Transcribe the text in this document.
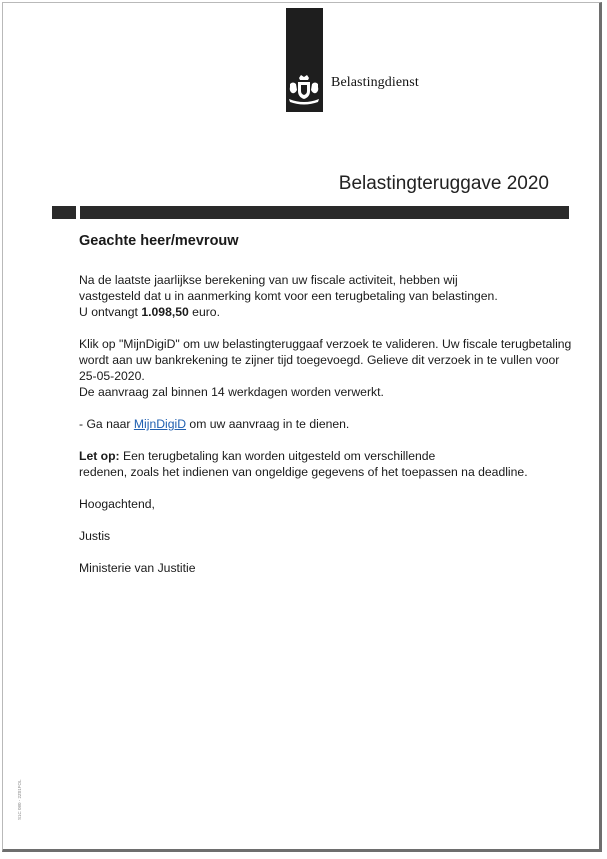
Belastingdienst
Belastingteruggave 2020
Geachte heer/mevrouw
Na de laatste jaarlijkse berekening van uw fiscale activiteit, hebben wij
vastgesteld dat u in aanmerking komt voor een terugbetaling van belastingen.
U ontvangt 1.098,50 euro.
Klik op "MijnDigiD" om uw belastingteruggaaf verzoek te valideren. Uw fiscale terugbetaling
wordt aan uw bankrekening te zijner tijd toegevoegd. Gelieve dit verzoek in te vullen voor
25-05-2020.
De aanvraag zal binnen 14 werkdagen worden verwerkt.
- Ga naar MijnDigiD om uw aanvraag in te dienen.
Let op: Een terugbetaling kan worden uitgesteld om verschillende
redenen, zoals het indienen van ongeldige gegevens of het toepassen na deadline.
Hoogachtend,
Justis
Ministerie van Justitie
S1C 080 - 2Z01FOL
